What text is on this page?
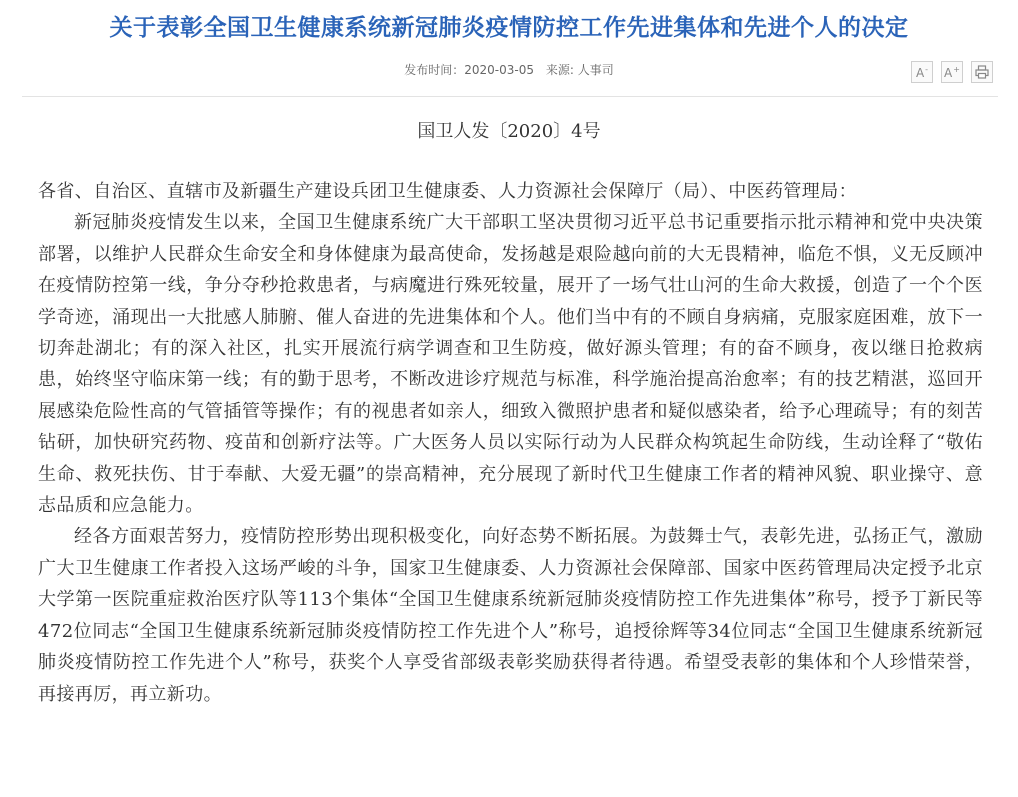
关于表彰全国卫生健康系统新冠肺炎疫情防控工作先进集体和先进个人的决定
发布时间：2020-03-05 来源: 人事司	A- A+
国卫人发〔2020〕4号

各省、自治区、直辖市及新疆生产建设兵团卫生健康委、人力资源社会保障厅（局）、中医药管理局：

新冠肺炎疫情发生以来，全国卫生健康系统广大干部职工坚决贯彻习近平总书记重要指示批示精神和党中央决策部署，以维护人民群众生命安全和身体健康为最高使命，发扬越是艰险越向前的大无畏精神，临危不惧，义无反顾冲在疫情防控第一线，争分夺秒抢救患者，与病魔进行殊死较量，展开了一场气壮山河的生命大救援，创造了一个个医学奇迹，涌现出一大批感人肺腑、催人奋进的先进集体和个人。他们当中有的不顾自身病痛，克服家庭困难，放下一切奔赴湖北；有的深入社区，扎实开展流行病学调查和卫生防疫，做好源头管理；有的奋不顾身，夜以继日抢救病患，始终坚守临床第一线；有的勤于思考，不断改进诊疗规范与标准，科学施治提高治愈率；有的技艺精湛，巡回开展感染危险性高的气管插管等操作；有的视患者如亲人，细致入微照护患者和疑似感染者，给予心理疏导；有的刻苦钻研，加快研究药物、疫苗和创新疗法等。广大医务人员以实际行动为人民群众构筑起生命防线，生动诠释了“敬佑生命、救死扶伤、甘于奉献、大爱无疆”的崇高精神，充分展现了新时代卫生健康工作者的精神风貌、职业操守、意志品质和应急能力。

经各方面艰苦努力，疫情防控形势出现积极变化，向好态势不断拓展。为鼓舞士气，表彰先进，弘扬正气，激励广大卫生健康工作者投入这场严峻的斗争，国家卫生健康委、人力资源社会保障部、国家中医药管理局决定授予北京大学第一医院重症救治医疗队等113个集体“全国卫生健康系统新冠肺炎疫情防控工作先进集体”称号，授予丁新民等472位同志“全国卫生健康系统新冠肺炎疫情防控工作先进个人”称号，追授徐辉等34位同志“全国卫生健康系统新冠肺炎疫情防控工作先进个人”称号，获奖个人享受省部级表彰奖励获得者待遇。希望受表彰的集体和个人珍惜荣誉，再接再厉，再立新功。
